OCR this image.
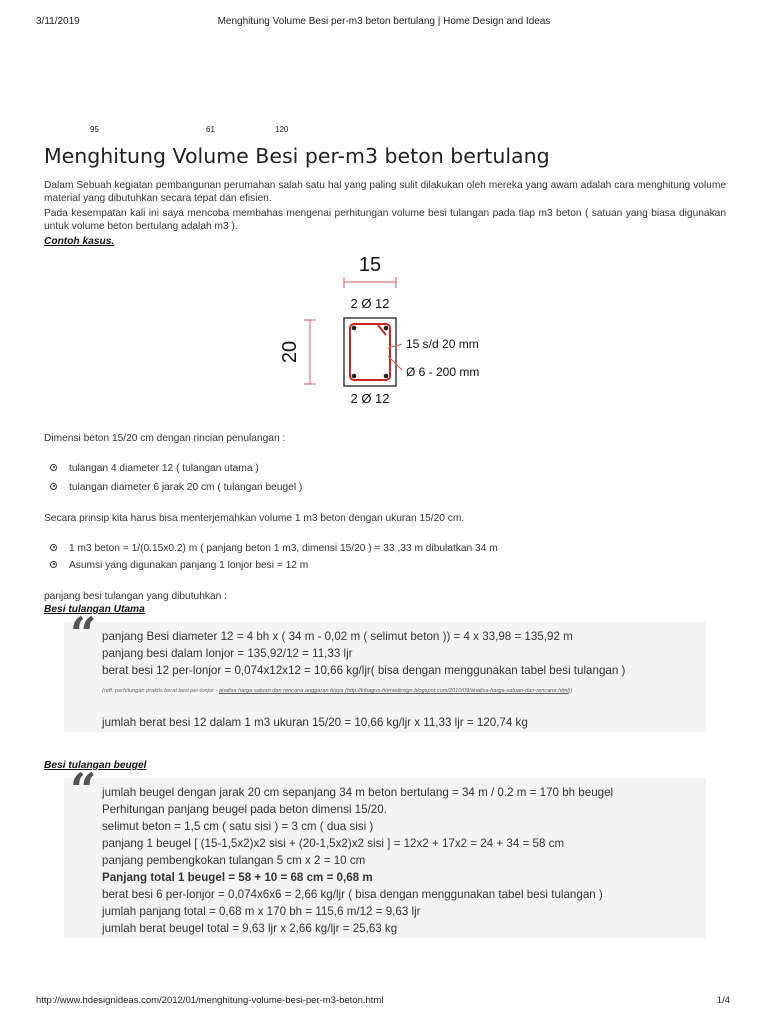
3/11/2019	Menghitung Volume Besi per-m3 beton bertulang | Home Design and Ideas
95	61	120
Menghitung Volume Besi per-m3 beton bertulang

Dalam Sebuah kegiatan pembangunan perumahan salah satu hal yang paling sulit dilakukan oleh mereka yang awam adalah cara menghitung volume material yang dibutuhkan secara tepat dan efisien.

Pada kesempatan kali ini saya mencoba membahas mengenai perhitungan volume besi tulangan pada tiap m3 beton ( satuan yang biasa digunakan untuk volume beton bertulang adalah m3 ).

Contoh kasus.

15
20
2 Ø 12
15 s/d 20 mm
Ø 6 - 200 mm
2 Ø 12

Dimensi beton 15/20 cm dengan rincian penulangan :

tulangan 4 diameter 12 ( tulangan utama )
tulangan diameter 6 jarak 20 cm ( tulangan beugel )

Secara prinsip kita harus bisa menterjemahkan volume 1 m3 beton dengan ukuran 15/20 cm.

1 m3 beton = 1/(0.15x0.2) m ( panjang beton 1 m3, dimensi 15/20 ) = 33 ,33 m dibulatkan 34 m
Asumsi yang digunakan panjang 1 lonjor besi = 12 m

panjang besi tulangan yang dibutuhkan :

Besi tulangan Utama

“ panjang Besi diameter 12 = 4 bh x ( 34 m - 0,02 m ( selimut beton )) = 4 x 33,98 = 135,92 m
panjang besi dalam lonjor = 135,92/12 = 11,33 ljr
berat besi 12 per-lonjor = 0,074x12x12 = 10,66 kg/ljr( bisa dengan menggunakan tabel besi tulangan )
(reff. perhitungan praktis berat besi per-lonjor - analisa harga satuan dan rencana anggaran biaya (http://kibagus-homedesign.blogspot.com/2010/09/analisa-harga-satuan-dan-rencana.html))
jumlah berat besi 12 dalam 1 m3 ukuran 15/20 = 10,66 kg/ljr x 11,33 ljr = 120,74 kg

Besi tulangan beugel

“ jumlah beugel dengan jarak 20 cm sepanjang 34 m beton bertulang = 34 m / 0.2 m = 170 bh beugel
Perhitungan panjang beugel pada beton dimensi 15/20.
selimut beton = 1,5 cm ( satu sisi ) = 3 cm ( dua sisi )
panjang 1 beugel [ (15-1,5x2)x2 sisi + (20-1,5x2)x2 sisi ] = 12x2 + 17x2 = 24 + 34 = 58 cm
panjang pembengkokan tulangan 5 cm x 2 = 10 cm
Panjang total 1 beugel = 58 + 10 = 68 cm = 0,68 m
berat besi 6 per-lonjor = 0,074x6x6 = 2,66 kg/ljr ( bisa dengan menggunakan tabel besi tulangan )
jumlah panjang total = 0,68 m x 170 bh = 115,6 m/12 = 9,63 ljr
jumlah berat beugel total = 9,63 ljr x 2,66 kg/ljr = 25,63 kg
http://www.hdesignideas.com/2012/01/menghitung-volume-besi-per-m3-beton.html	1/4
